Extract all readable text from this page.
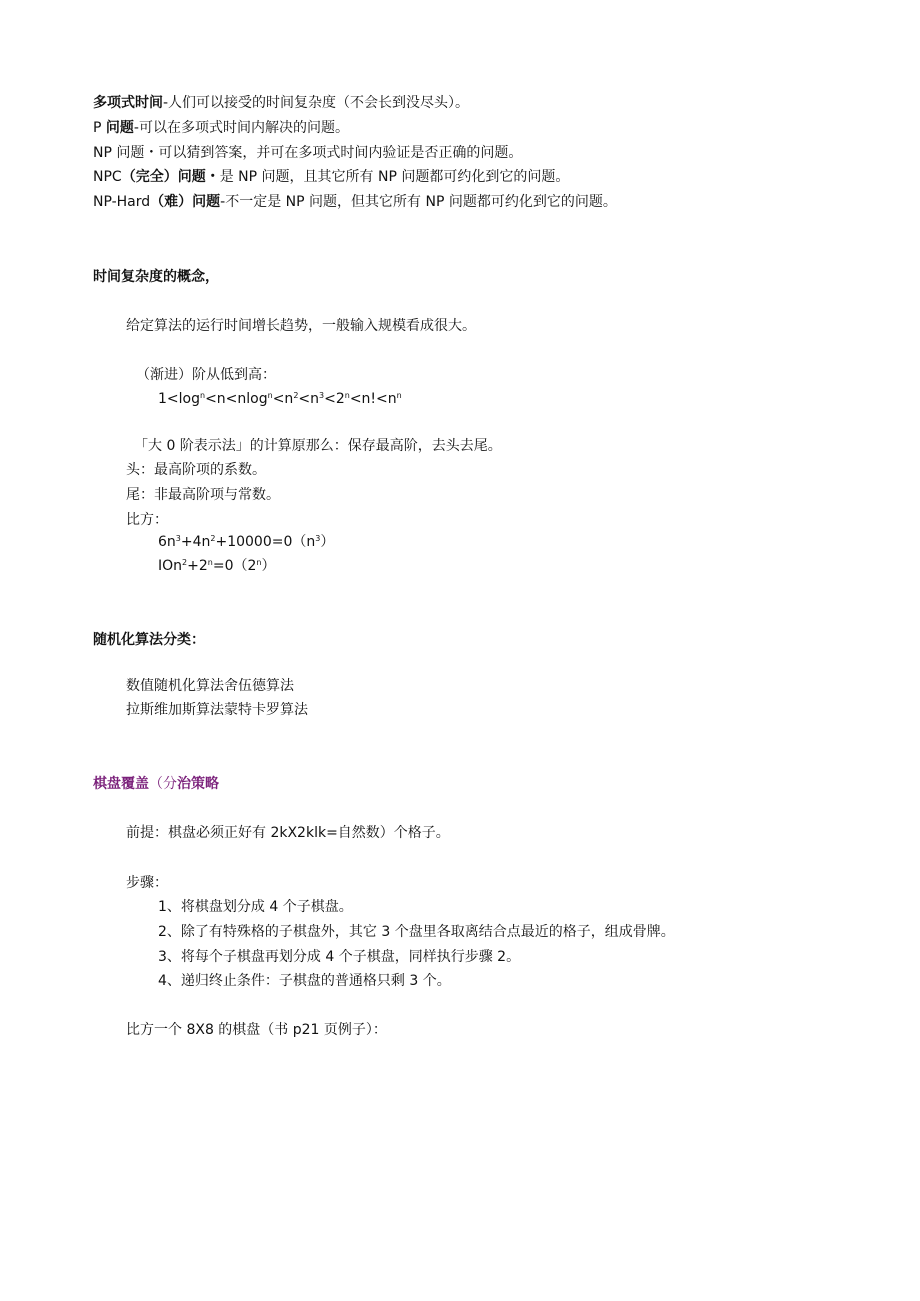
多项式时间-人们可以接受的时间复杂度（不会长到没尽头）。
P 问题-可以在多项式时间内解决的问题。
NP 问题・可以猜到答案，并可在多项式时间内验证是否正确的问题。
NPC（完全）问题・是 NP 问题，且其它所有 NP 问题都可约化到它的问题。
NP-Hard（难）问题-不一定是 NP 问题，但其它所有 NP 问题都可约化到它的问题。
时间复杂度的概念，
给定算法的运行时间增长趋势，一般输入规模看成很大。
（渐进）阶从低到高：
$1<\log^n<n<nlog^n<n^2<n^3<2^n<n!<n^n$
「大 0 阶表示法」的计算原那么：保存最高阶，去头去尾。
头：最高阶项的系数。
尾：非最高阶项与常数。
比方：
$6n^3+4n^2+10000=0(n^3)$
$IOn^2+2^n=0(2^n)$
随机化算法分类：
数值随机化算法舍伍德算法
拉斯维加斯算法蒙特卡罗算法
棋盘覆盖（分治策略
前提：棋盘必须正好有 2kX2klk=自然数）个格子。
步骤：
1、将棋盘划分成 4 个子棋盘。
2、除了有特殊格的子棋盘外，其它 3 个盘里各取离结合点最近的格子，组成骨牌。
3、将每个子棋盘再划分成 4 个子棋盘，同样执行步骤 2。
4、递归终止条件：子棋盘的普通格只剩 3 个。
比方一个 8X8 的棋盘（书 p21 页例子）：
